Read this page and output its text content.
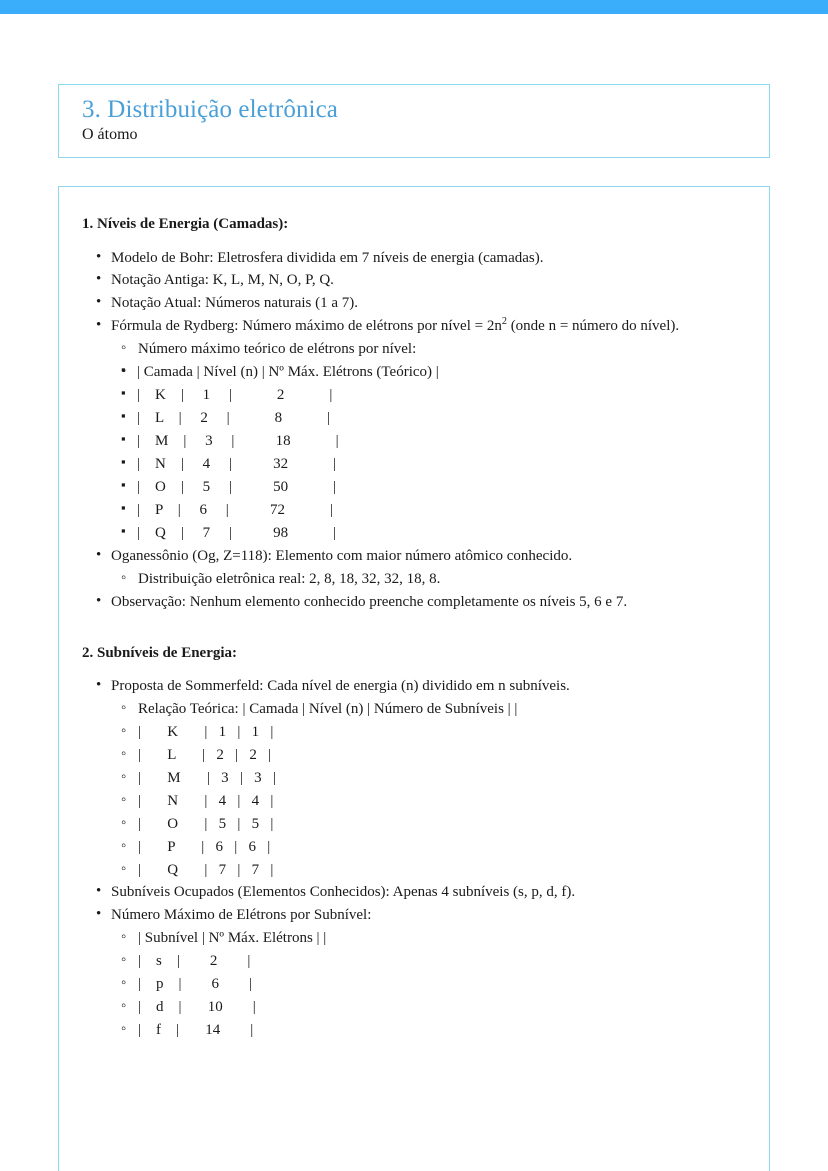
3. Distribuição eletrônica
O átomo
1. Níveis de Energia (Camadas):
• Modelo de Bohr: Eletrosfera dividida em 7 níveis de energia (camadas).
• Notação Antiga: K, L, M, N, O, P, Q.
• Notação Atual: Números naturais (1 a 7).
• Fórmula de Rydberg: Número máximo de elétrons por nível = $2n^2$ (onde n = número do nível).
◦ Número máximo teórico de elétrons por nível:
▪ ◦ | Camada | Nível (n) | Nº Máx. Elétrons (Teórico) |
▪ |    K    |     1     |            2            |
▪ |    L    |     2     |            8            |
▪ |    M    |     3     |           18            |
▪ |    N    |     4     |           32            |
▪ |    O    |     5     |           50            |
▪ |    P    |     6     |           72            |
▪ |    Q    |     7     |           98            |
• Oganessônio (Og, Z=118): Elemento com maior número atômico conhecido.
◦ Distribuição eletrônica real: 2, 8, 18, 32, 32, 18, 8.
• Observação: Nenhum elemento conhecido preenche completamente os níveis 5, 6 e 7.
2. Subníveis de Energia:
• Proposta de Sommerfeld: Cada nível de energia (n) dividido em n subníveis.
◦ Relação Teórica: | Camada | Nível (n) | Número de Subníveis | |
◦ |       K       |   1   |   1   |
◦ |       L       |   2   |   2   |
◦ |       M       |   3   |   3   |
◦ |       N       |   4   |   4   |
◦ |       O       |   5   |   5   |
◦ |       P       |   6   |   6   |
◦ |       Q       |   7   |   7   |
• Subníveis Ocupados (Elementos Conhecidos): Apenas 4 subníveis (s, p, d, f).
• Número Máximo de Elétrons por Subnível:
◦ | Subnível | Nº Máx. Elétrons | |
◦ |    s    |        2        |
◦ |    p    |        6        |
◦ |    d    |       10        |
◦ |    f    |       14        |
